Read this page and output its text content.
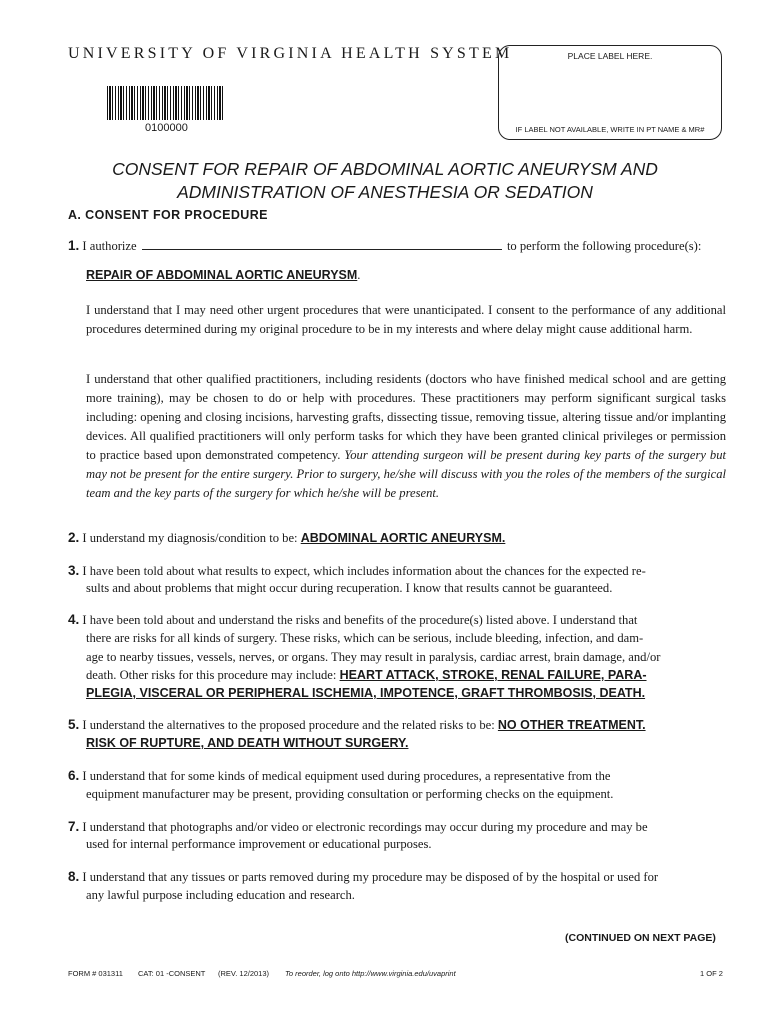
UNIVERSITY OF VIRGINIA HEALTH SYSTEM
0100000
PLACE LABEL HERE.
IF LABEL NOT AVAILABLE, WRITE IN PT NAME & MR#
CONSENT FOR REPAIR OF ABDOMINAL AORTIC ANEURYSM AND
ADMINISTRATION OF ANESTHESIA OR SEDATION
A. CONSENT FOR PROCEDURE
1. I authorize	to perform the following procedure(s):
REPAIR OF ABDOMINAL AORTIC ANEURYSM.
I understand that I may need other urgent procedures that were unanticipated. I consent to the performance of any additional procedures determined during my original procedure to be in my interests and where delay might cause additional harm.
I understand that other qualified practitioners, including residents (doctors who have finished medical school and are getting more training), may be chosen to do or help with procedures. These practitioners may perform significant surgical tasks including: opening and closing incisions, harvesting grafts, dissecting tissue, removing tissue, altering tissue and/or implanting devices. All qualified practitioners will only perform tasks for which they have been granted clinical privileges or permission to practice based upon demonstrated competency. Your attending surgeon will be present during key parts of the surgery but may not be present for the entire surgery. Prior to surgery, he/she will discuss with you the roles of the members of the surgical team and the key parts of the surgery for which he/she will be present.
2. I understand my diagnosis/condition to be: ABDOMINAL AORTIC ANEURYSM.
3. I have been told about what results to expect, which includes information about the chances for the expected re-
sults and about problems that might occur during recuperation. I know that results cannot be guaranteed.
4. I have been told about and understand the risks and benefits of the procedure(s) listed above. I understand that
there are risks for all kinds of surgery. These risks, which can be serious, include bleeding, infection, and dam-
age to nearby tissues, vessels, nerves, or organs. They may result in paralysis, cardiac arrest, brain damage, and/or
death. Other risks for this procedure may include: HEART ATTACK, STROKE, RENAL FAILURE, PARA-
PLEGIA, VISCERAL OR PERIPHERAL ISCHEMIA, IMPOTENCE, GRAFT THROMBOSIS, DEATH.
5. I understand the alternatives to the proposed procedure and the related risks to be: NO OTHER TREATMENT.
RISK OF RUPTURE, AND DEATH WITHOUT SURGERY.
6. I understand that for some kinds of medical equipment used during procedures, a representative from the
equipment manufacturer may be present, providing consultation or performing checks on the equipment.
7. I understand that photographs and/or video or electronic recordings may occur during my procedure and may be
used for internal performance improvement or educational purposes.
8. I understand that any tissues or parts removed during my procedure may be disposed of by the hospital or used for
any lawful purpose including education and research.
(CONTINUED ON NEXT PAGE)
FORM # 031311 CAT: 01 -CONSENT (REV. 12/2013) To reorder, log onto http://www.virginia.edu/uvaprint	1 OF 2
